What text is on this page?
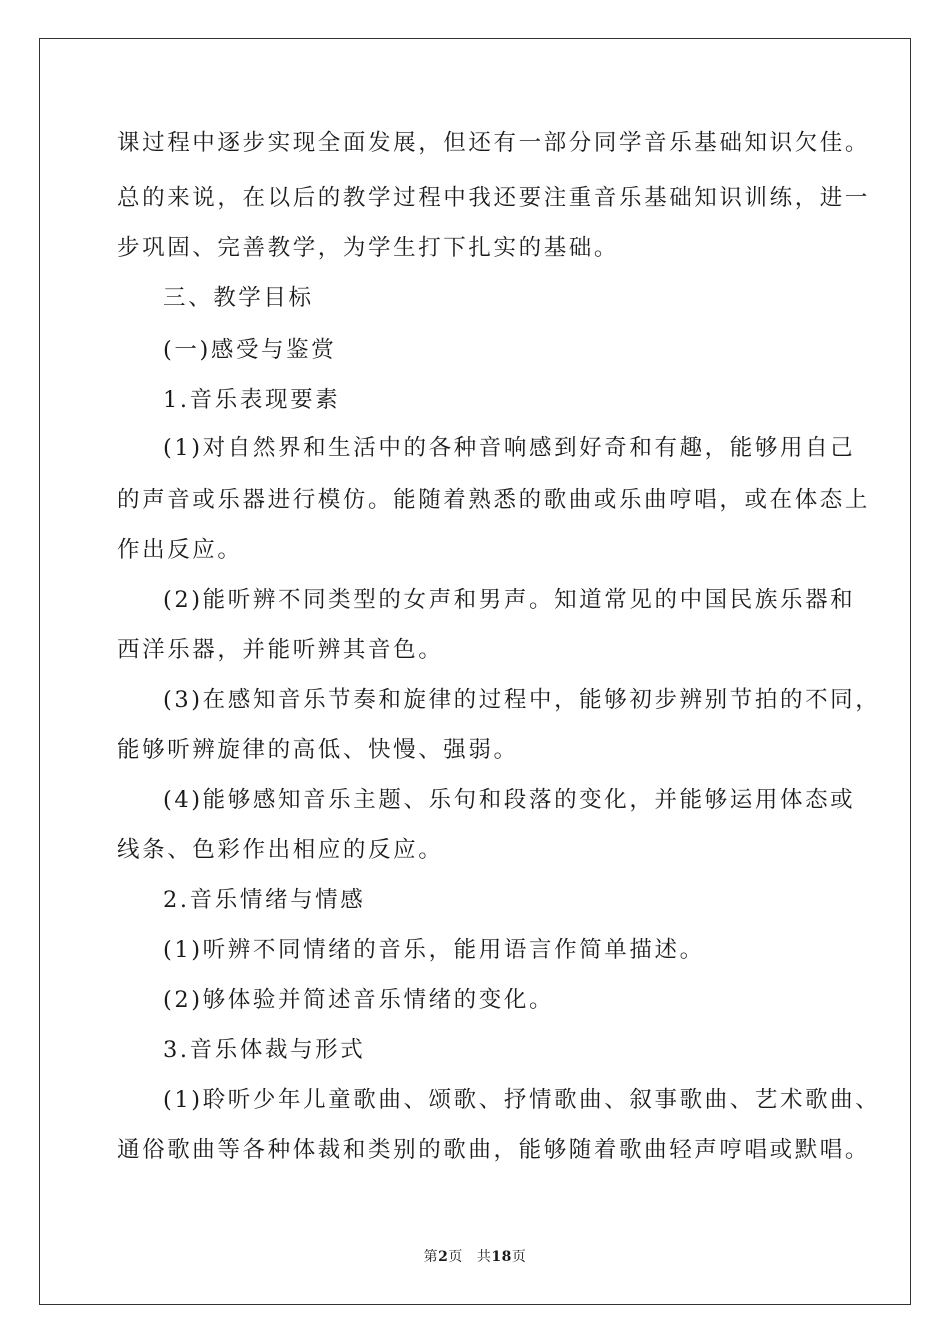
课过程中逐步实现全面发展，但还有一部分同学音乐基础知识欠佳。
总的来说，在以后的教学过程中我还要注重音乐基础知识训练，进一
步巩固、完善教学，为学生打下扎实的基础。
三、教学目标
(一)感受与鉴赏
1.音乐表现要素
(1)对自然界和生活中的各种音响感到好奇和有趣，能够用自己
的声音或乐器进行模仿。能随着熟悉的歌曲或乐曲哼唱，或在体态上
作出反应。
(2)能听辨不同类型的女声和男声。知道常见的中国民族乐器和
西洋乐器，并能听辨其音色。
(3)在感知音乐节奏和旋律的过程中，能够初步辨别节拍的不同，
能够听辨旋律的高低、快慢、强弱。
(4)能够感知音乐主题、乐句和段落的变化，并能够运用体态或
线条、色彩作出相应的反应。
2.音乐情绪与情感
(1)听辨不同情绪的音乐，能用语言作简单描述。
(2)够体验并简述音乐情绪的变化。
3.音乐体裁与形式
(1)聆听少年儿童歌曲、颂歌、抒情歌曲、叙事歌曲、艺术歌曲、
通俗歌曲等各种体裁和类别的歌曲，能够随着歌曲轻声哼唱或默唱。
第2页 共18页
